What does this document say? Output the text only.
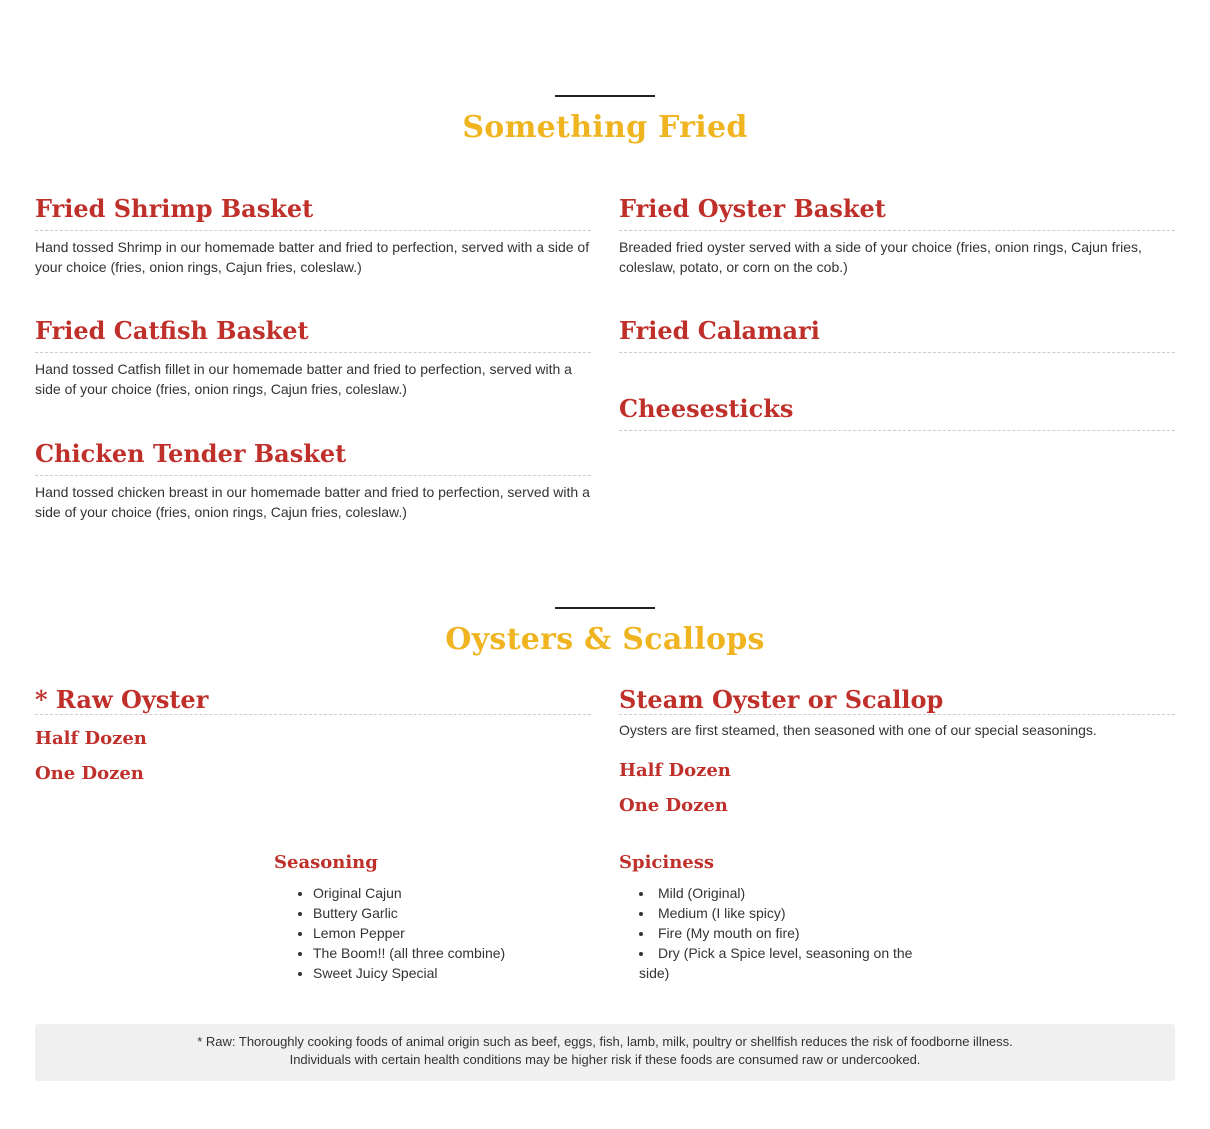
Something Fried
Fried Shrimp Basket
Hand tossed Shrimp in our homemade batter and fried to perfection, served with a side of your choice (fries, onion rings, Cajun fries, coleslaw.)
Fried Oyster Basket
Breaded fried oyster served with a side of your choice (fries, onion rings, Cajun fries, coleslaw, potato, or corn on the cob.)
Fried Catfish Basket
Hand tossed Catfish fillet in our homemade batter and fried to perfection, served with a side of your choice (fries, onion rings, Cajun fries, coleslaw.)
Fried Calamari
Cheesesticks
Chicken Tender Basket
Hand tossed chicken breast in our homemade batter and fried to perfection, served with a side of your choice (fries, onion rings, Cajun fries, coleslaw.)
Oysters & Scallops
* Raw Oyster
Half Dozen
One Dozen
Steam Oyster or Scallop
Oysters are first steamed, then seasoned with one of our special seasonings.
Half Dozen
One Dozen
Seasoning
• Original Cajun
• Buttery Garlic
• Lemon Pepper
• The Boom!! (all three combine)
• Sweet Juicy Special
Spiciness
• Mild (Original)
• Medium (I like spicy)
• Fire (My mouth on fire)
• Dry (Pick a Spice level, seasoning on the side)
* Raw: Thoroughly cooking foods of animal origin such as beef, eggs, fish, lamb, milk, poultry or shellfish reduces the risk of foodborne illness.
Individuals with certain health conditions may be higher risk if these foods are consumed raw or undercooked.
